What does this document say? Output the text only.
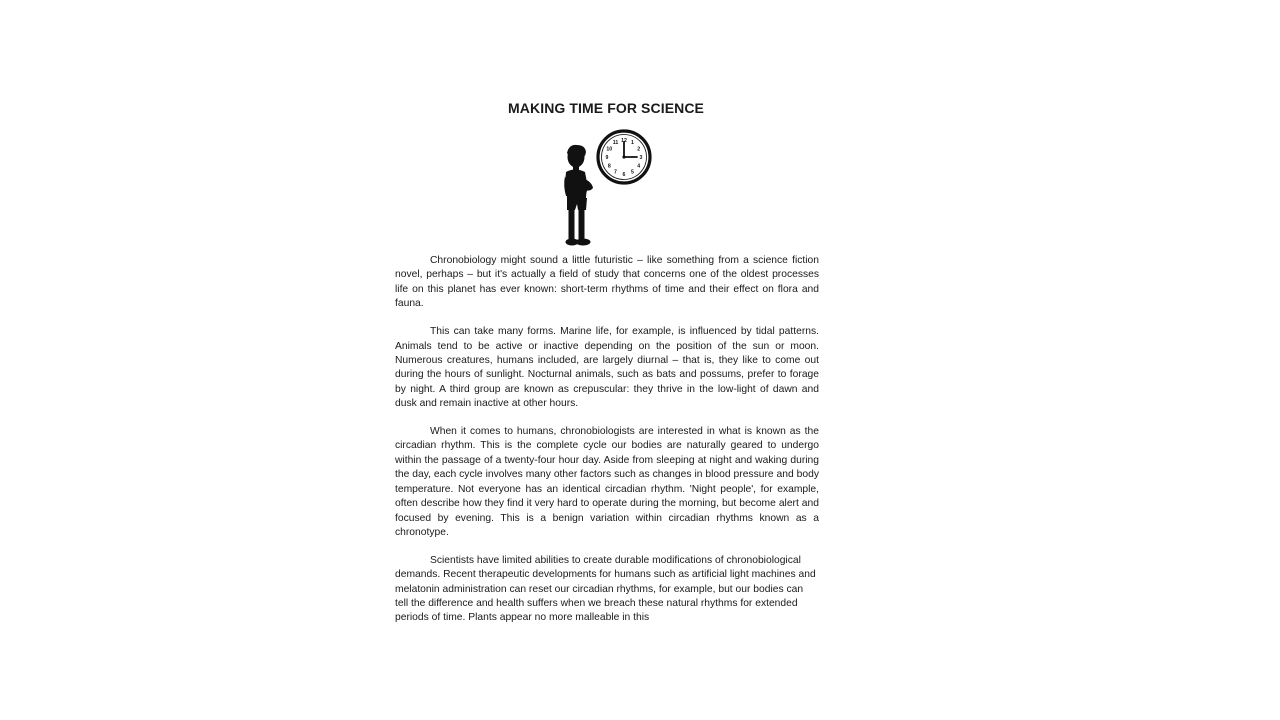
MAKING TIME FOR SCIENCE
12 1
2
3
4
5
6
7
8
9
10
11

Chronobiology might sound a little futuristic – like something from a science fiction novel, perhaps – but it's actually a field of study that concerns one of the oldest processes life on this planet has ever known: short-term rhythms of time and their effect on flora and fauna.

This can take many forms. Marine life, for example, is influenced by tidal patterns. Animals tend to be active or inactive depending on the position of the sun or moon. Numerous creatures, humans included, are largely diurnal – that is, they like to come out during the hours of sunlight. Nocturnal animals, such as bats and possums, prefer to forage by night. A third group are known as crepuscular: they thrive in the low-light of dawn and dusk and remain inactive at other hours.

When it comes to humans, chronobiologists are interested in what is known as the circadian rhythm. This is the complete cycle our bodies are naturally geared to undergo within the passage of a twenty-four hour day. Aside from sleeping at night and waking during the day, each cycle involves many other factors such as changes in blood pressure and body temperature. Not everyone has an identical circadian rhythm. 'Night people', for example, often describe how they find it very hard to operate during the morning, but become alert and focused by evening. This is a benign variation within circadian rhythms known as a chronotype.

Scientists have limited abilities to create durable modifications of chronobiological demands. Recent therapeutic developments for humans such as artificial light machines and melatonin administration can reset our circadian rhythms, for example, but our bodies can tell the difference and health suffers when we breach these natural rhythms for extended periods of time. Plants appear no more malleable in this
